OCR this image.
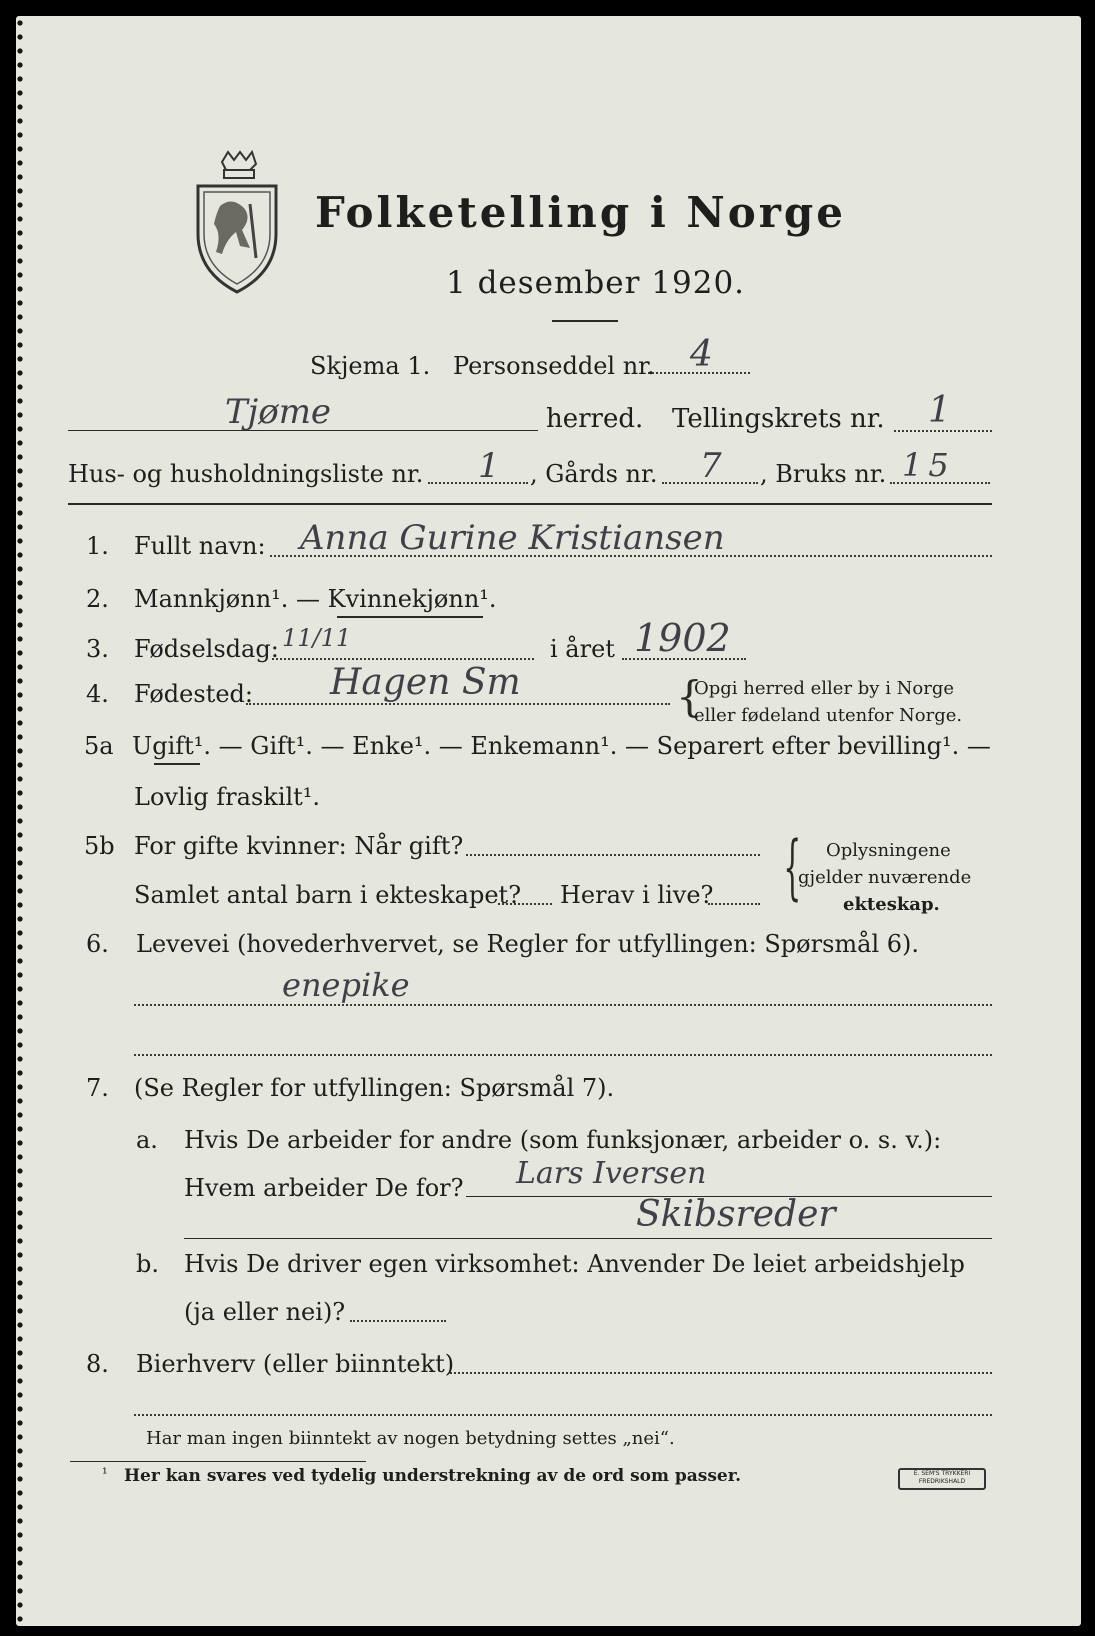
Folketelling i Norge
1 desember 1920.
Skjema 1. Personseddel nr. 4
Tjøme	herred. Tellingskrets nr. 1
Hus- og husholdningsliste nr. 1 , Gårds nr. 7 , Bruks nr. 15
1. Fullt navn: Anna Gurine Kristiansen
2. Mannkjønn¹. — Kvinnekjønn¹.
3. Fødselsdag: 11/11	i året 1902
4. Fødested: Hagen Sm	{
Opgi herred eller by i Norge
eller fødeland utenfor Norge.
5a Ugift¹. — Gift¹. — Enke¹. — Enkemann¹. — Separert efter bevilling¹. —
Lovlig fraskilt¹.
5b For gifte kvinner: Når gift?
Samlet antal barn i ekteskapet? Herav i live? { Oplysningene
gjelder nuværende
ekteskap.
6. Levevei (hovederhvervet, se Regler for utfyllingen: Spørsmål 6).
enepike
7. (Se Regler for utfyllingen: Spørsmål 7).
a. Hvis De arbeider for andre (som funksjonær, arbeider o. s. v.):
Hvem arbeider De for? Lars Iversen
Skibsreder
b. Hvis De driver egen virksomhet: Anvender De leiet arbeidshjelp
(ja eller nei)?
8. Bierhverv (eller biinntekt)
Har man ingen biinntekt av nogen betydning settes „nei“.
¹ Her kan svares ved tydelig understrekning av de ord som passer.	E. SEM'S TRYKKERI FREDRIKSHALD
